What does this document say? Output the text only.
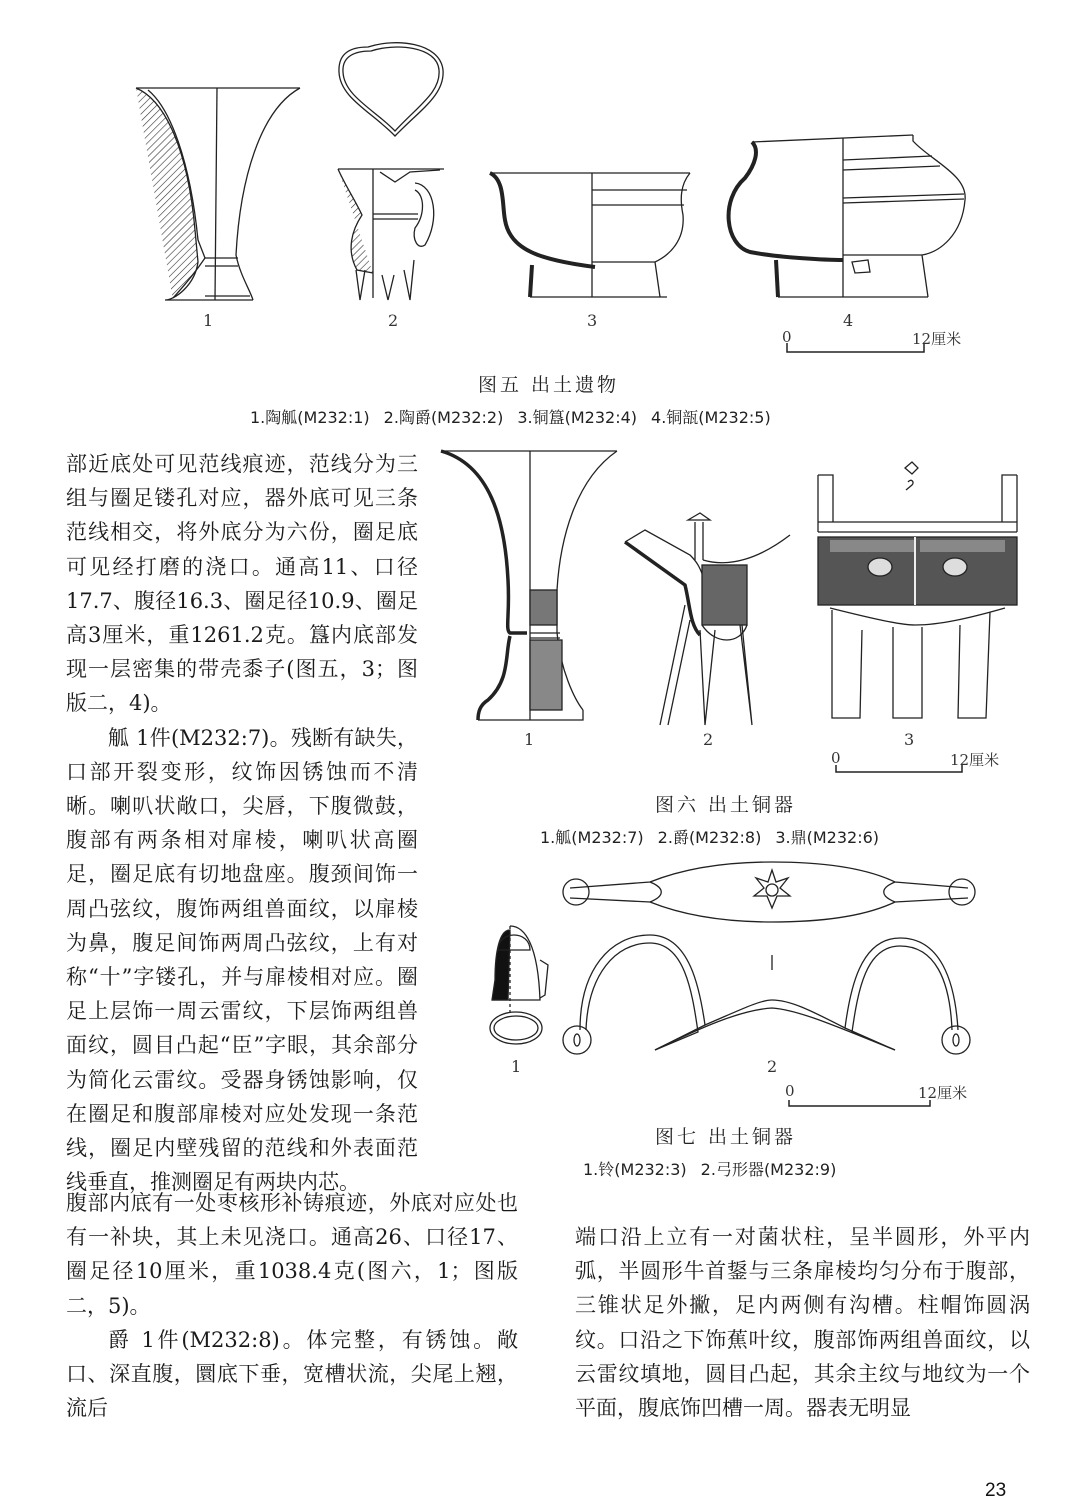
1	2	3	4
0	12厘米
图五 出土遗物
1.陶觚(M232:1) 2.陶爵(M232:2) 3.铜簋(M232:4) 4.铜瓿(M232:5)

部近底处可见范线痕迹，范线分为三组与圈足镂孔对应，器外底可见三条范线相交，将外底分为六份，圈足底可见经打磨的浇口。通高11、口径17.7、腹径16.3、圈足径10.9、圈足高3厘米，重1261.2克。簋内底部发现一层密集的带壳黍子(图五，3；图版二，4)。

觚 1件(M232:7)。残断有缺失，口部开裂变形，纹饰因锈蚀而不清晰。喇叭状敞口，尖唇，下腹微鼓，腹部有两条相对扉棱，喇叭状高圈足，圈足底有切地盘座。腹颈间饰一周凸弦纹，腹饰两组兽面纹，以扉棱为鼻，腹足间饰两周凸弦纹，上有对称“十”字镂孔，并与扉棱相对应。圈足上层饰一周云雷纹，下层饰两组兽面纹，圆目凸起“臣”字眼，其余部分为简化云雷纹。受器身锈蚀影响，仅在圈足和腹部扉棱对应处发现一条范线，圈足内壁残留的范线和外表面范线垂直，推测圈足有两块内芯。

腹部内底有一处枣核形补铸痕迹，外底对应处也有一补块，其上未见浇口。通高26、口径17、圈足径10厘米，重1038.4克(图六，1；图版二，5)。

爵 1件(M232:8)。体完整，有锈蚀。敞口、深直腹，圜底下垂，宽槽状流，尖尾上翘，流后

1	2	3
0	12厘米
图六 出土铜器
1.觚(M232:7) 2.爵(M232:8) 3.鼎(M232:6)
1	2
0	12厘米
图七 出土铜器
1.铃(M232:3) 2.弓形器(M232:9)

端口沿上立有一对菌状柱，呈半圆形，外平内弧，半圆形牛首鋬与三条扉棱均匀分布于腹部，三锥状足外撇，足内两侧有沟槽。柱帽饰圆涡纹。口沿之下饰蕉叶纹，腹部饰两组兽面纹，以云雷纹填地，圆目凸起，其余主纹与地纹为一个平面，腹底饰凹槽一周。器表无明显

23
